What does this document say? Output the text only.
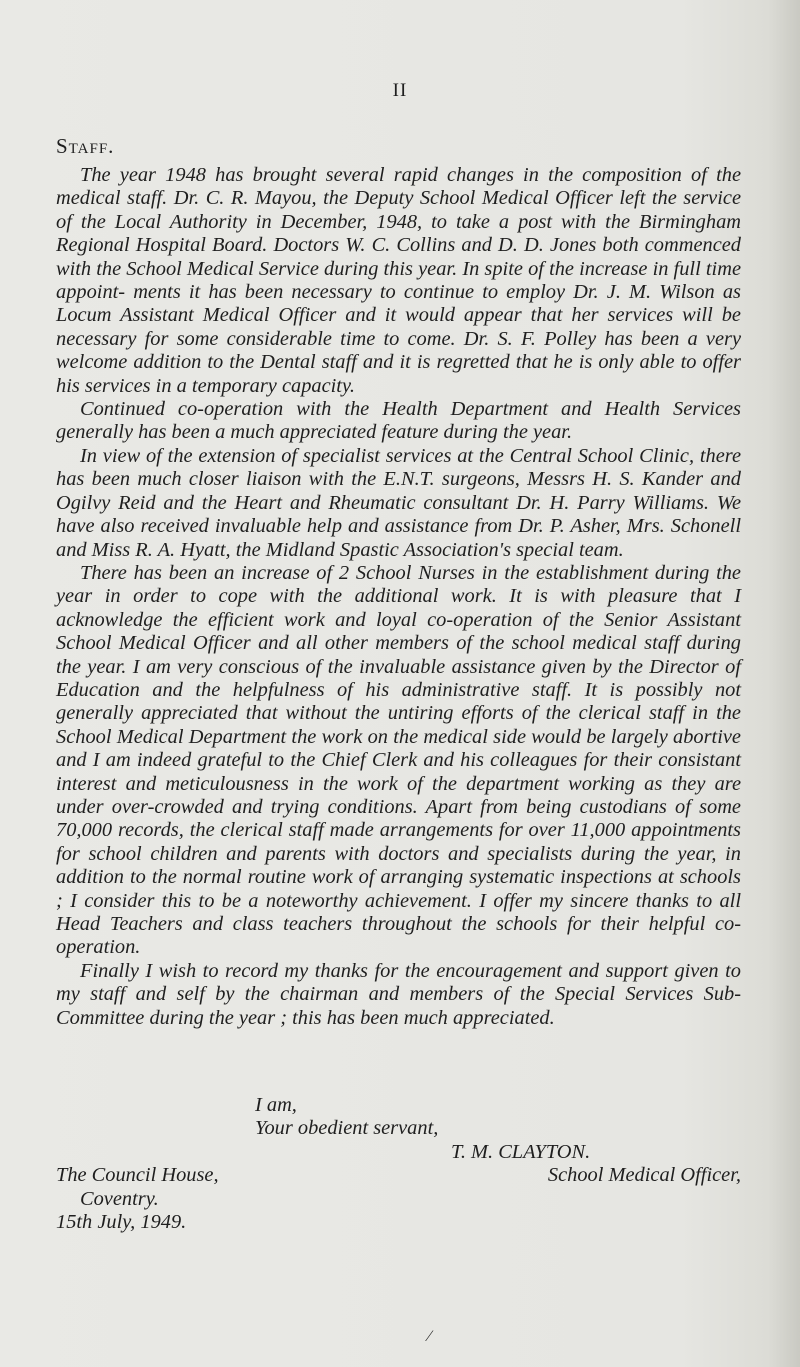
II
Staff.

The year 1948 has brought several rapid changes in the composition of the medical staff. Dr. C. R. Mayou, the Deputy School Medical Officer left the service of the Local Authority in December, 1948, to take a post with the Birmingham Regional Hospital Board. Doctors W. C. Collins and D. D. Jones both commenced with the School Medical Service during this year. In spite of the increase in full time appoint- ments it has been necessary to continue to employ Dr. J. M. Wilson as Locum Assistant Medical Officer and it would appear that her services will be necessary for some considerable time to come. Dr. S. F. Polley has been a very welcome addition to the Dental staff and it is regretted that he is only able to offer his services in a temporary capacity.

Continued co-operation with the Health Department and Health Services generally has been a much appreciated feature during the year.

In view of the extension of specialist services at the Central School Clinic, there has been much closer liaison with the E.N.T. surgeons, Messrs H. S. Kander and Ogilvy Reid and the Heart and Rheumatic consultant Dr. H. Parry Williams. We have also received invaluable help and assistance from Dr. P. Asher, Mrs. Schonell and Miss R. A. Hyatt, the Midland Spastic Association's special team.

There has been an increase of 2 School Nurses in the establishment during the year in order to cope with the additional work. It is with pleasure that I acknowledge the efficient work and loyal co-operation of the Senior Assistant School Medical Officer and all other members of the school medical staff during the year. I am very conscious of the invaluable assistance given by the Director of Education and the helpfulness of his administrative staff. It is possibly not generally appreciated that without the untiring efforts of the clerical staff in the School Medical Department the work on the medical side would be largely abortive and I am indeed grateful to the Chief Clerk and his colleagues for their consistant interest and meticulousness in the work of the department working as they are under over-crowded and trying conditions. Apart from being custodians of some 70,000 records, the clerical staff made arrangements for over 11,000 appointments for school children and parents with doctors and specialists during the year, in addition to the normal routine work of arranging systematic inspections at schools ; I consider this to be a noteworthy achievement. I offer my sincere thanks to all Head Teachers and class teachers throughout the schools for their helpful co-operation.

Finally I wish to record my thanks for the encouragement and support given to my staff and self by the chairman and members of the Special Services Sub-Committee during the year ; this has been much appreciated.

I am,
Your obedient servant,
T. M. CLAYTON.
The Council House,	School Medical Officer,
Coventry.
15th July, 1949.
⁄
